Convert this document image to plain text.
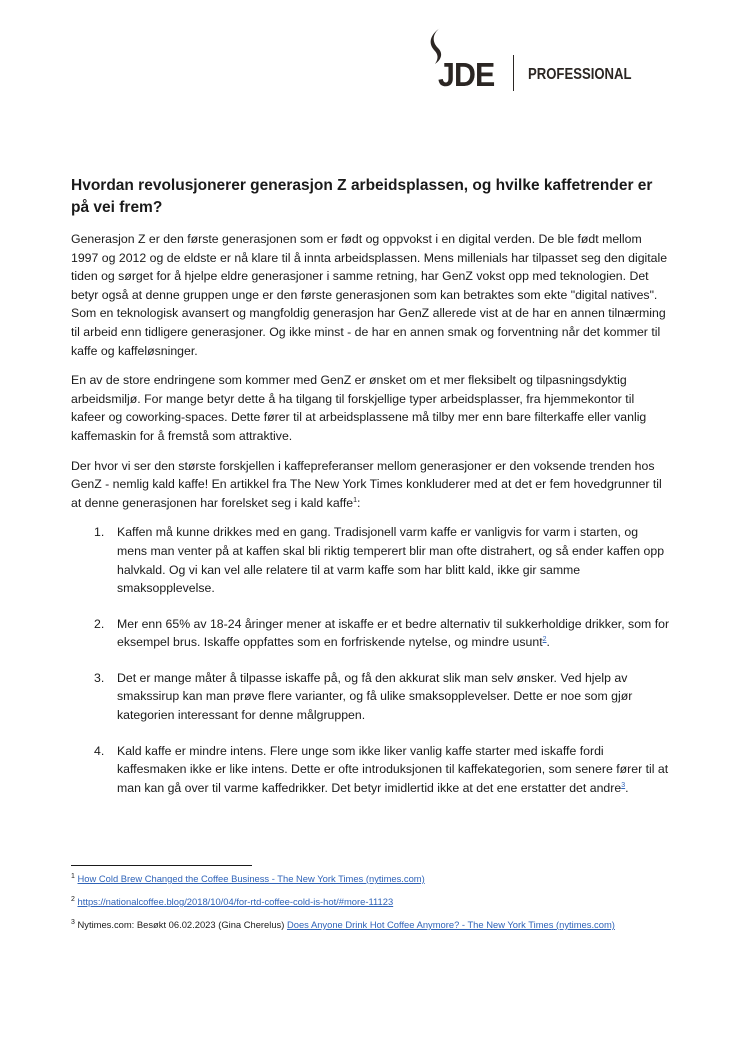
JDE PROFESSIONAL
Hvordan revolusjonerer generasjon Z arbeidsplassen, og hvilke kaffetrender er på vei frem?

Generasjon Z er den første generasjonen som er født og oppvokst i en digital verden. De ble født mellom 1997 og 2012 og de eldste er nå klare til å innta arbeidsplassen. Mens millenials har tilpasset seg den digitale tiden og sørget for å hjelpe eldre generasjoner i samme retning, har GenZ vokst opp med teknologien. Det betyr også at denne gruppen unge er den første generasjonen som kan betraktes som ekte "digital natives". Som en teknologisk avansert og mangfoldig generasjon har GenZ allerede vist at de har en annen tilnærming til arbeid enn tidligere generasjoner. Og ikke minst - de har en annen smak og forventning når det kommer til kaffe og kaffeløsninger.

En av de store endringene som kommer med GenZ er ønsket om et mer fleksibelt og tilpasningsdyktig arbeidsmiljø. For mange betyr dette å ha tilgang til forskjellige typer arbeidsplasser, fra hjemmekontor til kafeer og coworking-spaces. Dette fører til at arbeidsplassene må tilby mer enn bare filterkaffe eller vanlig kaffemaskin for å fremstå som attraktive.

Der hvor vi ser den største forskjellen i kaffepreferanser mellom generasjoner er den voksende trenden hos GenZ - nemlig kald kaffe! En artikkel fra The New York Times konkluderer med at det er fem hovedgrunner til at denne generasjonen har forelsket seg i kald kaffe$^1$:

1. Kaffen må kunne drikkes med en gang. Tradisjonell varm kaffe er vanligvis for varm i starten, og mens man venter på at kaffen skal bli riktig temperert blir man ofte distrahert, og så ender kaffen opp halvkald. Og vi kan vel alle relatere til at varm kaffe som har blitt kald, ikke gir samme smaksopplevelse.
2. Mer enn 65% av 18-24 åringer mener at iskaffe er et bedre alternativ til sukkerholdige drikker, som for eksempel brus. Iskaffe oppfattes som en forfriskende nytelse, og mindre usunt$^2$.
3. Det er mange måter å tilpasse iskaffe på, og få den akkurat slik man selv ønsker. Ved hjelp av smakssirup kan man prøve flere varianter, og få ulike smaksopplevelser. Dette er noe som gjør kategorien interessant for denne målgruppen.
4. Kald kaffe er mindre intens. Flere unge som ikke liker vanlig kaffe starter med iskaffe fordi kaffesmaken ikke er like intens. Dette er ofte introduksjonen til kaffekategorien, som senere fører til at man kan gå over til varme kaffedrikker. Det betyr imidlertid ikke at det ene erstatter det andre$^3$.
$^1$ How Cold Brew Changed the Coffee Business - The New York Times (nytimes.com)
$^2$ https://nationalcoffee.blog/2018/10/04/for-rtd-coffee-cold-is-hot/#more-11123
$^3$ Nytimes.com: Besøkt 06.02.2023 (Gina Cherelus) Does Anyone Drink Hot Coffee Anymore? - The New York Times (nytimes.com)
